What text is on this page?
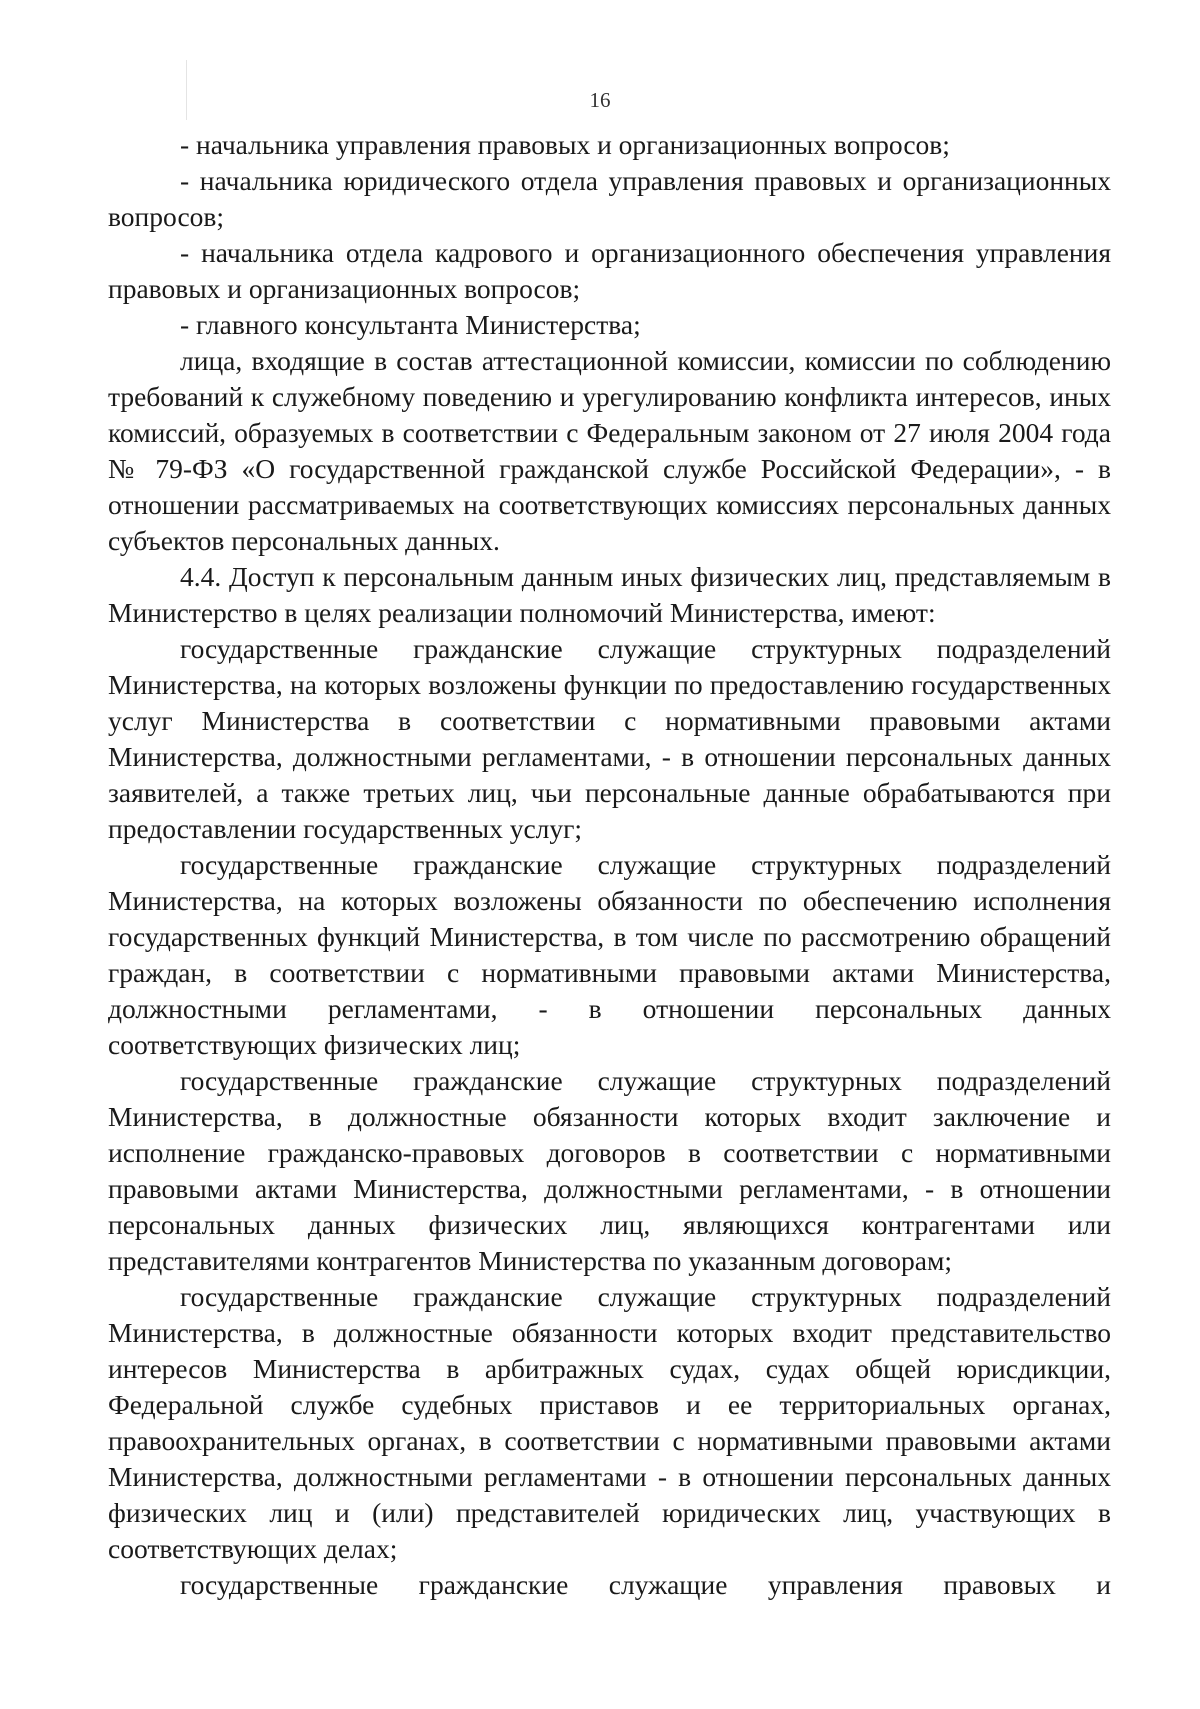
16

- начальника управления правовых и организационных вопросов;

- начальника юридического отдела управления правовых и организационных вопросов;

- начальника отдела кадрового и организационного обеспечения управления правовых и организационных вопросов;

- главного консультанта Министерства;

лица, входящие в состав аттестационной комиссии, комиссии по соблюдению требований к служебному поведению и урегулированию конфликта интересов, иных комиссий, образуемых в соответствии с Федеральным законом от 27 июля 2004 года № 79-ФЗ «О государственной гражданской службе Российской Федерации», - в отношении рассматриваемых на соответствующих комиссиях персональных данных субъектов персональных данных.

4.4. Доступ к персональным данным иных физических лиц, представляемым в Министерство в целях реализации полномочий Министерства, имеют:

государственные гражданские служащие структурных подразделений Министерства, на которых возложены функции по предоставлению государственных услуг Министерства в соответствии с нормативными правовыми актами Министерства, должностными регламентами, - в отношении персональных данных заявителей, а также третьих лиц, чьи персональные данные обрабатываются при предоставлении государственных услуг;

государственные гражданские служащие структурных подразделений Министерства, на которых возложены обязанности по обеспечению исполнения государственных функций Министерства, в том числе по рассмотрению обращений граждан, в соответствии с нормативными правовыми актами Министерства, должностными регламентами, - в отношении персональных данных соответствующих физических лиц;

государственные гражданские служащие структурных подразделений Министерства, в должностные обязанности которых входит заключение и исполнение гражданско-правовых договоров в соответствии с нормативными правовыми актами Министерства, должностными регламентами, - в отношении персональных данных физических лиц, являющихся контрагентами или представителями контрагентов Министерства по указанным договорам;

государственные гражданские служащие структурных подразделений Министерства, в должностные обязанности которых входит представительство интересов Министерства в арбитражных судах, судах общей юрисдикции, Федеральной службе судебных приставов и ее территориальных органах, правоохранительных органах, в соответствии с нормативными правовыми актами Министерства, должностными регламентами - в отношении персональных данных физических лиц и (или) представителей юридических лиц, участвующих в соответствующих делах;

государственные гражданские служащие управления правовых и
